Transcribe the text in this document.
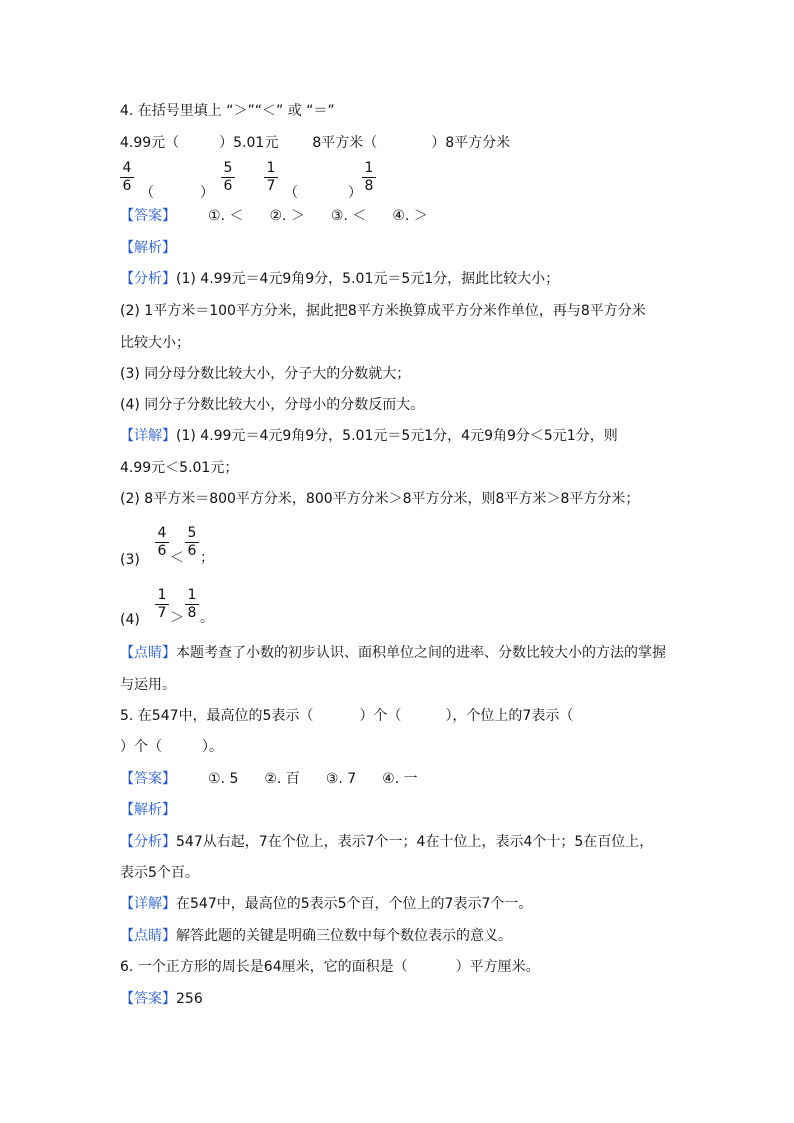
4. 在括号里填上 “＞”“＜” 或 “＝”
4.99元（	）5.01元 8平方米（	）8平方分米
$\frac{4}{6}$ （	） $\frac{5}{6} \frac{1}{7}$ （	） $\frac{1}{8}$
【答案】 ①. ＜ ②. ＞ ③. ＜ ④. ＞
【解析】
【分析】(1) 4.99元＝4元9角9分，5.01元＝5元1分，据此比较大小；
(2) 1平方米＝100平方分米，据此把8平方米换算成平方分米作单位，再与8平方分米
比较大小；
(3) 同分母分数比较大小，分子大的分数就大；
(4) 同分子分数比较大小，分母小的分数反而大。
【详解】(1) 4.99元＝4元9角9分，5.01元＝5元1分，4元9角9分＜5元1分，则
4.99元＜5.01元；
(2) 8平方米＝800平方分米，800平方分米＞8平方分米，则8平方米＞8平方分米；
$(3) \frac{4}{6} < \frac{5}{6}$ ；
$(4) \frac{1}{7} > \frac{1}{8}$ 。
【点睛】本题考查了小数的初步认识、面积单位之间的进率、分数比较大小的方法的掌握
与运用。
5. 在547中，最高位的5表示（	）个（	），个位上的7表示（
）个（	）。
【答案】 ①. 5 ②. 百 ③. 7 ④. 一
【解析】
【分析】547从右起，7在个位上，表示7个一；4在十位上，表示4个十；5在百位上，
表示5个百。
【详解】在547中，最高位的5表示5个百，个位上的7表示7个一。
【点睛】解答此题的关键是明确三位数中每个数位表示的意义。
6. 一个正方形的周长是64厘米，它的面积是（	）平方厘米。
【答案】256
